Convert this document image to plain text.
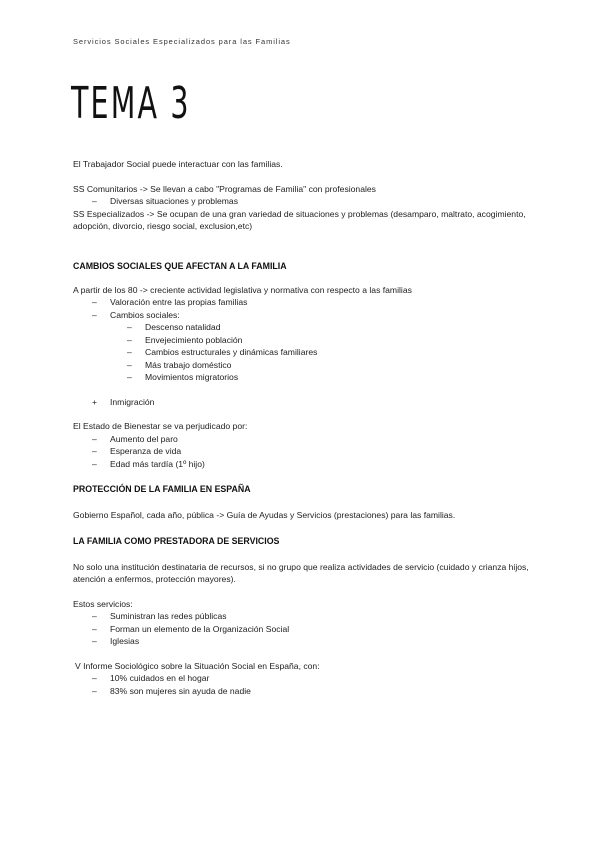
Servicios Sociales Especializados para las Familias
TEMA 3
El Trabajador Social puede interactuar con las familias.
SS Comunitarios -> Se llevan a cabo "Programas de Familia" con profesionales
– Diversas situaciones y problemas
SS Especializados -> Se ocupan de una gran variedad de situaciones y problemas (desamparo, maltrato, acogimiento, adopción, divorcio, riesgo social, exclusion,etc)
CAMBIOS SOCIALES QUE AFECTAN A LA FAMILIA
A partir de los 80 -> creciente actividad legislativa y normativa con respecto a las familias
– Valoración entre las propias familias
– Cambios sociales:
– Descenso natalidad
– Envejecimiento población
– Cambios estructurales y dinámicas familiares
– Más trabajo doméstico
– Movimientos migratorios
+ Inmigración
El Estado de Bienestar se va perjudicado por:
– Aumento del paro
– Esperanza de vida
– Edad más tardía (1º hijo)
PROTECCIÓN DE LA FAMILIA EN ESPAÑA
Gobierno Español, cada año, pública -> Guía de Ayudas y Servicios (prestaciones) para las familias.
LA FAMILIA COMO PRESTADORA DE SERVICIOS
No solo una institución destinataria de recursos, si no grupo que realiza actividades de servicio (cuidado y crianza hijos, atención a enfermos, protección mayores).
Estos servicios:
– Suministran las redes públicas
– Forman un elemento de la Organización Social
– Iglesias
V Informe Sociológico sobre la Situación Social en España, con:
– 10% cuidados en el hogar
– 83% son mujeres sin ayuda de nadie
